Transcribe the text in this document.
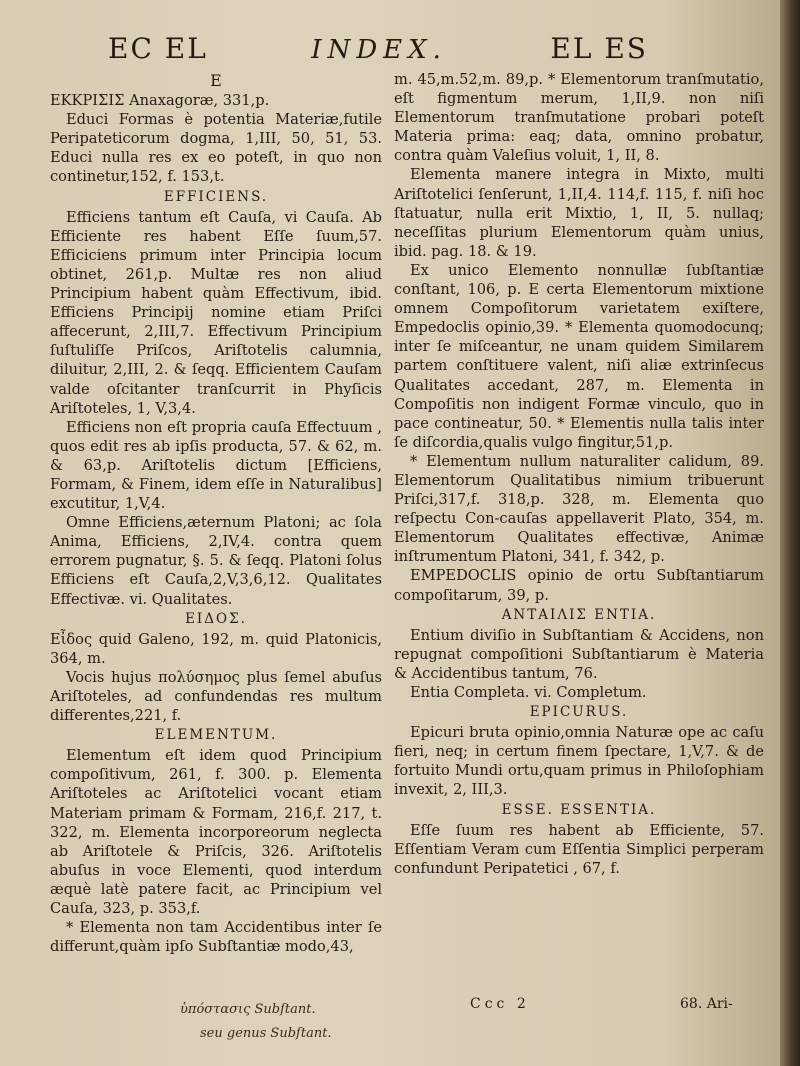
EC EL	INDEX.	EL ES

E

ΕΚΚΡΙΣΙΣ Anaxagoræ, 331,p.

Educi Formas è potentia Materiæ,futile Peripateticorum dogma, 1,III, 50, 51, 53. Educi nulla res ex eo poteſt, in quo non continetur,152, f. 153,t.

EFFICIENS.

Efficiens tantum eſt Cauſa, vi Cauſa. Ab Efficiente res habent Eſſe ſuum,57. Efficiciens primum inter Principia locum obtinet, 261,p. Multæ res non aliud Principium habent quàm Effectivum, ibid. Efficiens Principij nomine etiam Priſci affecerunt, 2,III,7. Effectivum Principium ſuſtuliſſe Priſcos, Ariſtotelis calumnia, diluitur, 2,III, 2. & ſeqq. Efficientem Cauſam valde oſcitanter tranſcurrit in Phyſicis Ariſtoteles, 1, V,3,4.

Efficiens non eſt propria cauſa Effectuum , quos edit res ab ipſis producta, 57. & 62, m. & 63,p. Ariſtotelis dictum [Efficiens, Formam, & Finem, idem eſſe in Naturalibus] excutitur, 1,V,4.

Omne Efficiens,æternum Platoni; ac ſola Anima, Efficiens, 2,IV,4. contra quem errorem pugnatur, §. 5. & ſeqq. Platoni ſolus Efficiens eſt Cauſa,2,V,3,6,12. Qualitates Effectivæ. vi. Qualitates.

ΕΙΔΟΣ.

Εἶδος quid Galeno, 192, m. quid Platonicis, 364, m.

Vocis hujus πολύσημος plus ſemel abuſus Ariſtoteles, ad confundendas res multum differentes,221, f.

ELEMENTUM.

Elementum eſt idem quod Principium compoſitivum, 261, f. 300. p. Elementa Ariſtoteles ac Ariſtotelici vocant etiam Materiam primam & Formam, 216,f. 217, t. 322, m. Elementa incorporeorum neglecta ab Ariſtotele & Priſcis, 326. Ariſtotelis abuſus in voce Elementi, quod interdum æquè latè patere facit, ac Principium vel Cauſa, 323, p. 353,f.

* Elementa non tam Accidentibus inter ſe differunt,quàm ipſo Subſtantiæ modo,43,

m. 45,m.52,m. 89,p. * Elementorum tranſmutatio, eſt figmentum merum, 1,II,9. non niſi Elementorum tranſmutatione probari poteſt Materia prima: eaq; data, omnino probatur, contra quàm Valeſius voluit, 1, II, 8.

Elementa manere integra in Mixto, multi Ariſtotelici ſenſerunt, 1,II,4. 114,f. 115, f. niſi hoc ſtatuatur, nulla erit Mixtio, 1, II, 5. nullaq; neceſſitas plurium Elementorum quàm unius, ibid. pag. 18. & 19.

Ex unico Elemento nonnullæ ſubſtantiæ conſtant, 106, p. E certa Elementorum mixtione omnem Compoſitorum varietatem exiſtere, Empedoclis opinio,39. * Elementa quomodocunq; inter ſe miſceantur, ne unam quidem Similarem partem conſtituere valent, niſi aliæ extrinſecus Qualitates accedant, 287, m. Elementa in Compoſitis non indigent Formæ vinculo, quo in pace contineatur, 50. * Elementis nulla talis inter ſe diſcordia,qualis vulgo fingitur,51,p.

* Elementum nullum naturaliter calidum, 89. Elementorum Qualitatibus nimium tribuerunt Priſci,317,f. 318,p. 328, m. Elementa quo reſpectu Con-cauſas appellaverit Plato, 354, m. Elementorum Qualitates effectivæ, Animæ inſtrumentum Platoni, 341, f. 342, p.

EMPEDOCLIS opinio de ortu Subſtantiarum compoſitarum, 39, p.

ΑΝΤΑΙΛΙΣ ENTIA.

Entium diviſio in Subſtantiam & Accidens, non repugnat compoſitioni Subſtantiarum è Materia & Accidentibus tantum, 76.

Entia Completa. vi. Completum.

EPICURUS.

Epicuri bruta opinio,omnia Naturæ ope ac caſu fieri, neq; in certum finem ſpectare, 1,V,7. & de fortuito Mundi ortu,quam primus in Philoſophiam invexit, 2, III,3.

ESSE. ESSENTIA.

Eſſe ſuum res habent ab Efficiente, 57. Eſſentiam Veram cum Eſſentia Simplici perperam confundunt Peripatetici , 67, f.

Ccc 2	68. Ari-
ὑπόστασις Subſtant.
seu genus Subſtant.
